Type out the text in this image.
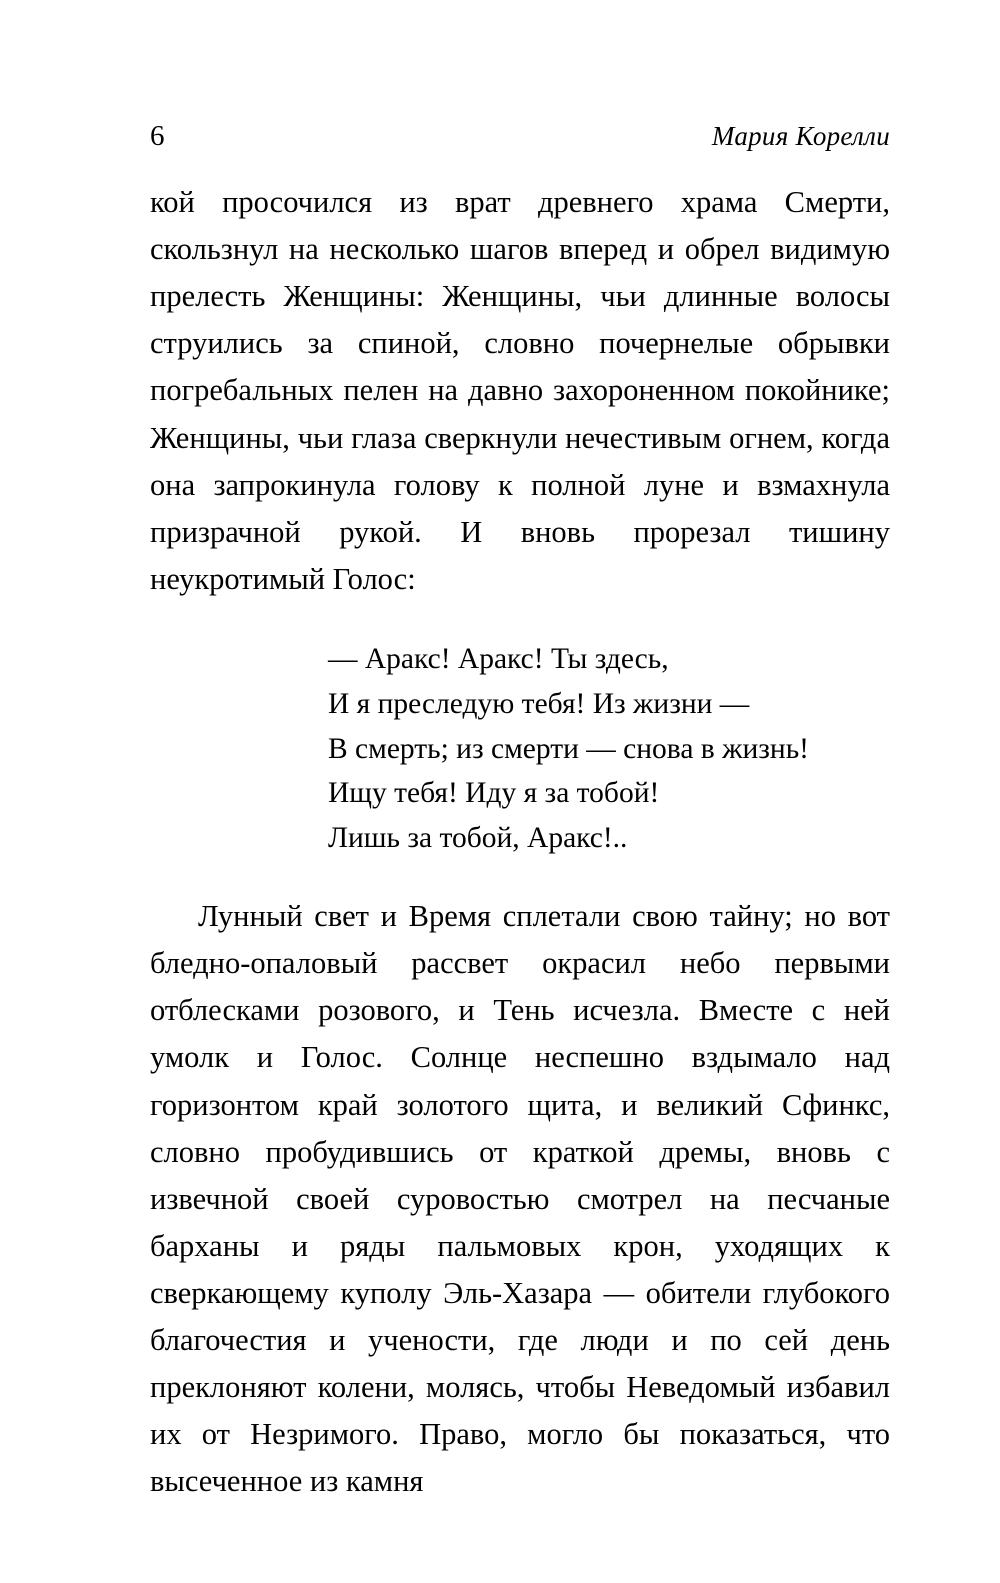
6	Мария Корелли

кой просочился из врат древнего храма Смерти, скользнул на несколько шагов вперед и обрел видимую прелесть Женщины: Женщины, чьи длинные волосы струились за спиной, словно почернелые обрывки погребальных пелен на давно захороненном покойнике; Женщины, чьи глаза сверкнули нечестивым огнем, когда она запрокинула голову к полной луне и взмахнула призрачной рукой. И вновь прорезал тишину неукротимый Голос:

— Аракс! Аракс! Ты здесь,
И я преследую тебя! Из жизни —
В смерть; из смерти — снова в жизнь!
Ищу тебя! Иду я за тобой!
Лишь за тобой, Аракс!..

Лунный свет и Время сплетали свою тайну; но вот бледно-опаловый рассвет окрасил небо первыми отблесками розового, и Тень исчезла. Вместе с ней умолк и Голос. Солнце неспешно вздымало над горизонтом край золотого щита, и великий Сфинкс, словно пробудившись от краткой дремы, вновь с извечной своей суровостью смотрел на песчаные барханы и ряды пальмовых крон, уходящих к сверкающему куполу Эль-Хазара — обители глубокого благочестия и учености, где люди и по сей день преклоняют колени, молясь, чтобы Неведомый избавил их от Незримого. Право, могло бы показаться, что высеченное из камня
